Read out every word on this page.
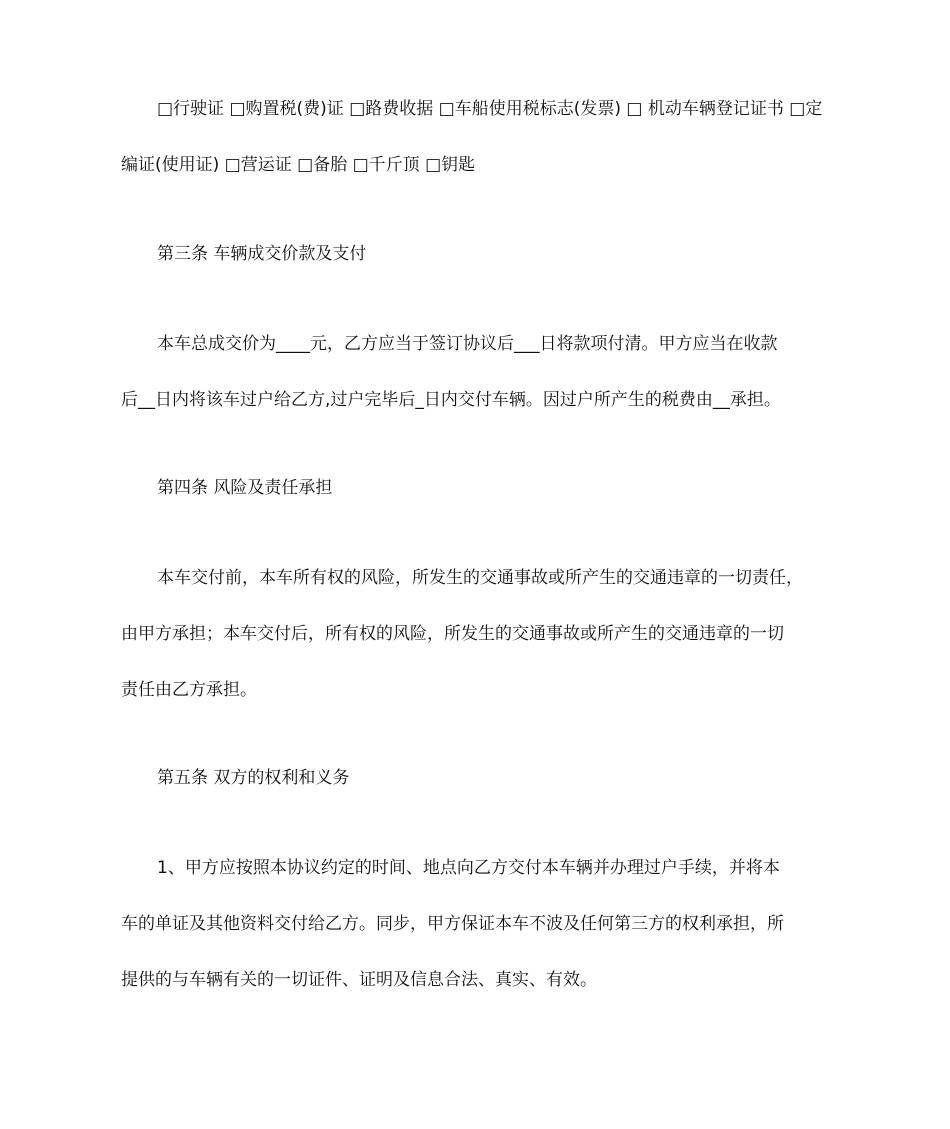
□行驶证 □购置税(费)证 □路费收据 □车船使用税标志(发票) □ 机动车辆登记证书 □定
编证(使用证) □营运证 □备胎 □千斤顶 □钥匙
第三条 车辆成交价款及支付
本车总成交价为____元，乙方应当于签订协议后___日将款项付清。甲方应当在收款
后__日内将该车过户给乙方,过户完毕后_日内交付车辆。因过户所产生的税费由__承担。
第四条 风险及责任承担
本车交付前，本车所有权的风险，所发生的交通事故或所产生的交通违章的一切责任，
由甲方承担；本车交付后，所有权的风险，所发生的交通事故或所产生的交通违章的一切
责任由乙方承担。
第五条 双方的权利和义务
1、甲方应按照本协议约定的时间、地点向乙方交付本车辆并办理过户手续，并将本
车的单证及其他资料交付给乙方。同步，甲方保证本车不波及任何第三方的权利承担，所
提供的与车辆有关的一切证件、证明及信息合法、真实、有效。
